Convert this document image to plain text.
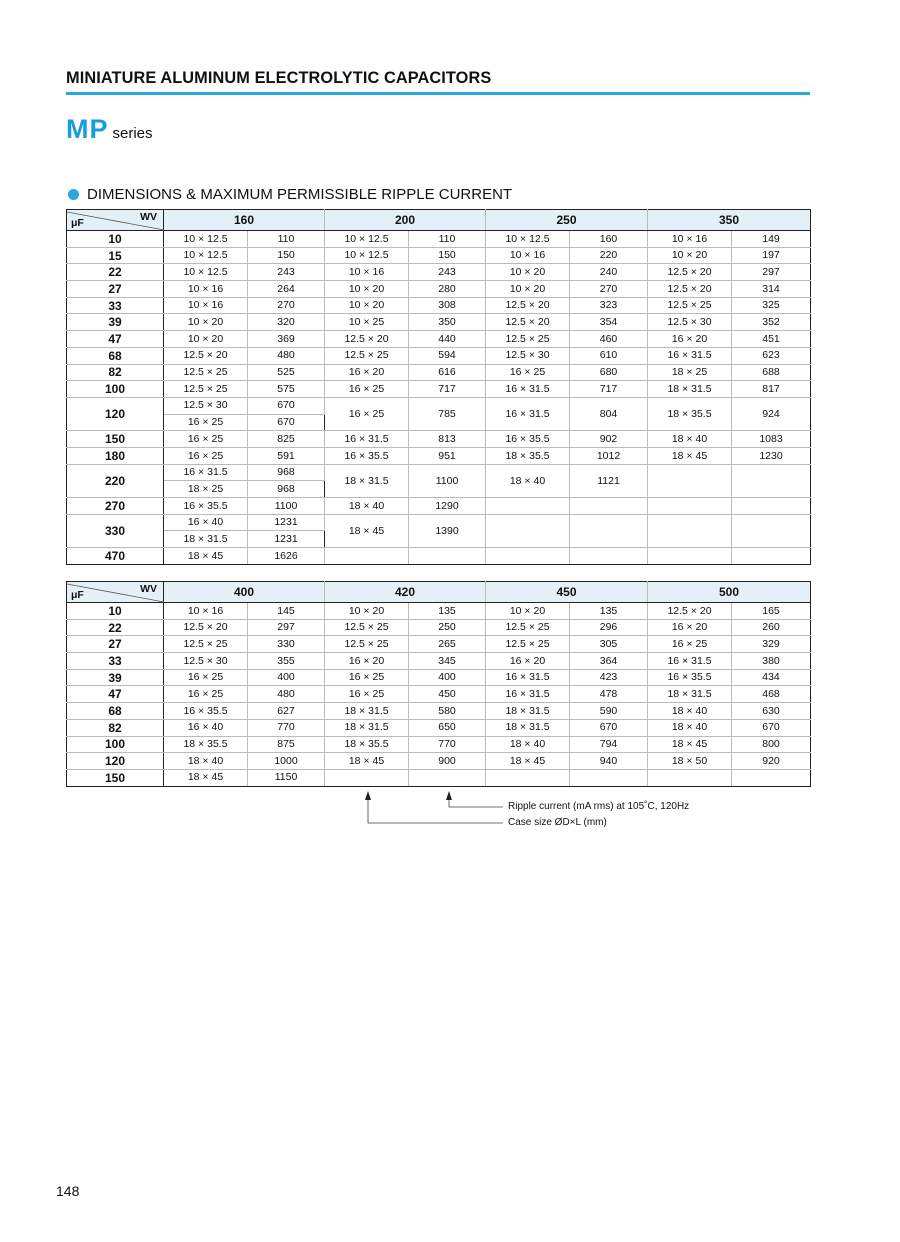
MINIATURE ALUMINUM ELECTROLYTIC CAPACITORS
MP series
DIMENSIONS & MAXIMUM PERMISSIBLE RIPPLE CURRENT
WV
μF	160		200		250		350	
10	10 × 12.5	110	10 × 12.5	110	10 × 12.5	160	10 × 16	149
15	10 × 12.5	150	10 × 12.5	150	10 × 16	220	10 × 20	197
22	10 × 12.5	243	10 × 16	243	10 × 20	240	12.5 × 20	297
27	10 × 16	264	10 × 20	280	10 × 20	270	12.5 × 20	314
33	10 × 16	270	10 × 20	308	12.5 × 20	323	12.5 × 25	325
39	10 × 20	320	10 × 25	350	12.5 × 20	354	12.5 × 30	352
47	10 × 20	369	12.5 × 20	440	12.5 × 25	460	16 × 20	451
68	12.5 × 20	480	12.5 × 25	594	12.5 × 30	610	16 × 31.5	623
82	12.5 × 25	525	16 × 20	616	16 × 25	680	18 × 25	688
100	12.5 × 25	575	16 × 25	717	16 × 31.5	717	18 × 31.5	817
120	12.5 × 30	670	16 × 25	785	16 × 31.5	804	18 × 35.5	924
	16 × 25	670						
150	16 × 25	825	16 × 31.5	813	16 × 35.5	902	18 × 40	1083
180	16 × 25	591	16 × 35.5	951	18 × 35.5	1012	18 × 45	1230
220	16 × 31.5	968	18 × 31.5	1100	18 × 40	1121		
	18 × 25	968						
270	16 × 35.5	1100	18 × 40	1290				
330	16 × 40	1231	18 × 45	1390				
	18 × 31.5	1231						
470	18 × 45	1626						
WV
μF	400		420		450		500	
10	10 × 16	145	10 × 20	135	10 × 20	135	12.5 × 20	165
22	12.5 × 20	297	12.5 × 25	250	12.5 × 25	296	16 × 20	260
27	12.5 × 25	330	12.5 × 25	265	12.5 × 25	305	16 × 25	329
33	12.5 × 30	355	16 × 20	345	16 × 20	364	16 × 31.5	380
39	16 × 25	400	16 × 25	400	16 × 31.5	423	16 × 35.5	434
47	16 × 25	480	16 × 25	450	16 × 31.5	478	18 × 31.5	468
68	16 × 35.5	627	18 × 31.5	580	18 × 31.5	590	18 × 40	630
82	16 × 40	770	18 × 31.5	650	18 × 31.5	670	18 × 40	670
100	18 × 35.5	875	18 × 35.5	770	18 × 40	794	18 × 45	800
120	18 × 40	1000	18 × 45	900	18 × 45	940	18 × 50	920
150	18 × 45	1150						
Ripple current (mA rms) at 105˚C, 120Hz
Case size ØD×L (mm)
148
